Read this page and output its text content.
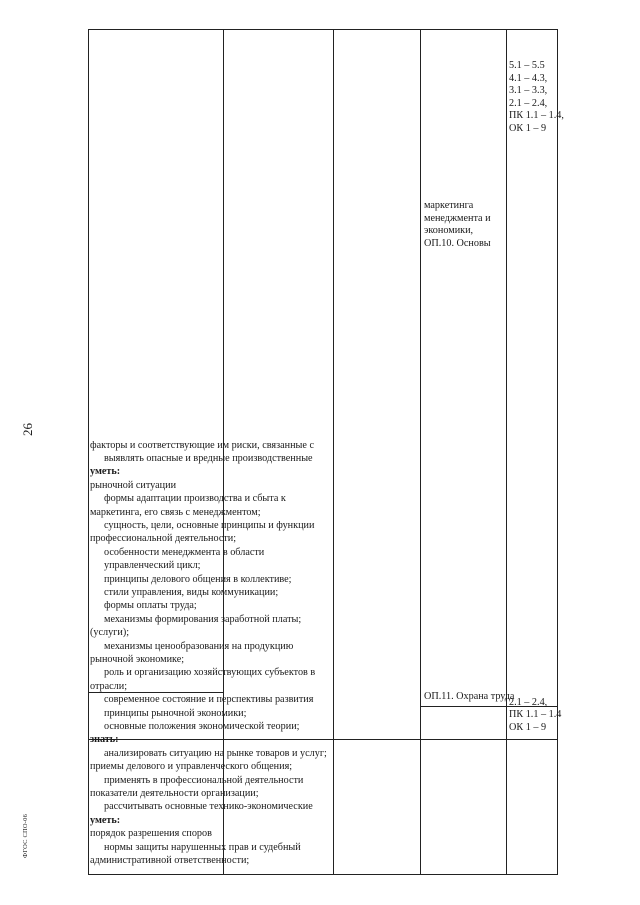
26
ФГОС СПО-06
административной ответственности;
нормы защиты нарушенных прав и судебный
порядок разрешения споров
уметь:
рассчитывать основные технико-экономические
показатели деятельности организации;
применять в профессиональной деятельности
приемы делового и управленческого общения;
анализировать ситуацию на рынке товаров и услуг;
знать:
основные положения экономической теории;
принципы рыночной экономики;
современное состояние и перспективы развития
отрасли;
роль и организацию хозяйствующих субъектов в
рыночной экономике;
механизмы ценообразования на продукцию
(услуги);
механизмы формирования заработной платы;
формы оплаты труда;
стили управления, виды коммуникации;
принципы делового общения в коллективе;
управленческий цикл;
особенности менеджмента в области
профессиональной деятельности;
сущность, цели, основные принципы и функции
маркетинга, его связь с менеджментом;
формы адаптации производства и сбыта к
рыночной ситуации
уметь:
выявлять опасные и вредные производственные
факторы и соответствующие им риски, связанные с
ОП.10. Основы
экономики,
менеджмента и
маркетинга
ОП.11. Охрана труда
ОК 1 – 9
ПК 1.1 – 1.4,
2.1 – 2.4,
3.1 – 3.3,
4.1 – 4.3,
5.1 – 5.5
ОК 1 – 9
ПК 1.1 – 1.4
2.1 – 2.4,
